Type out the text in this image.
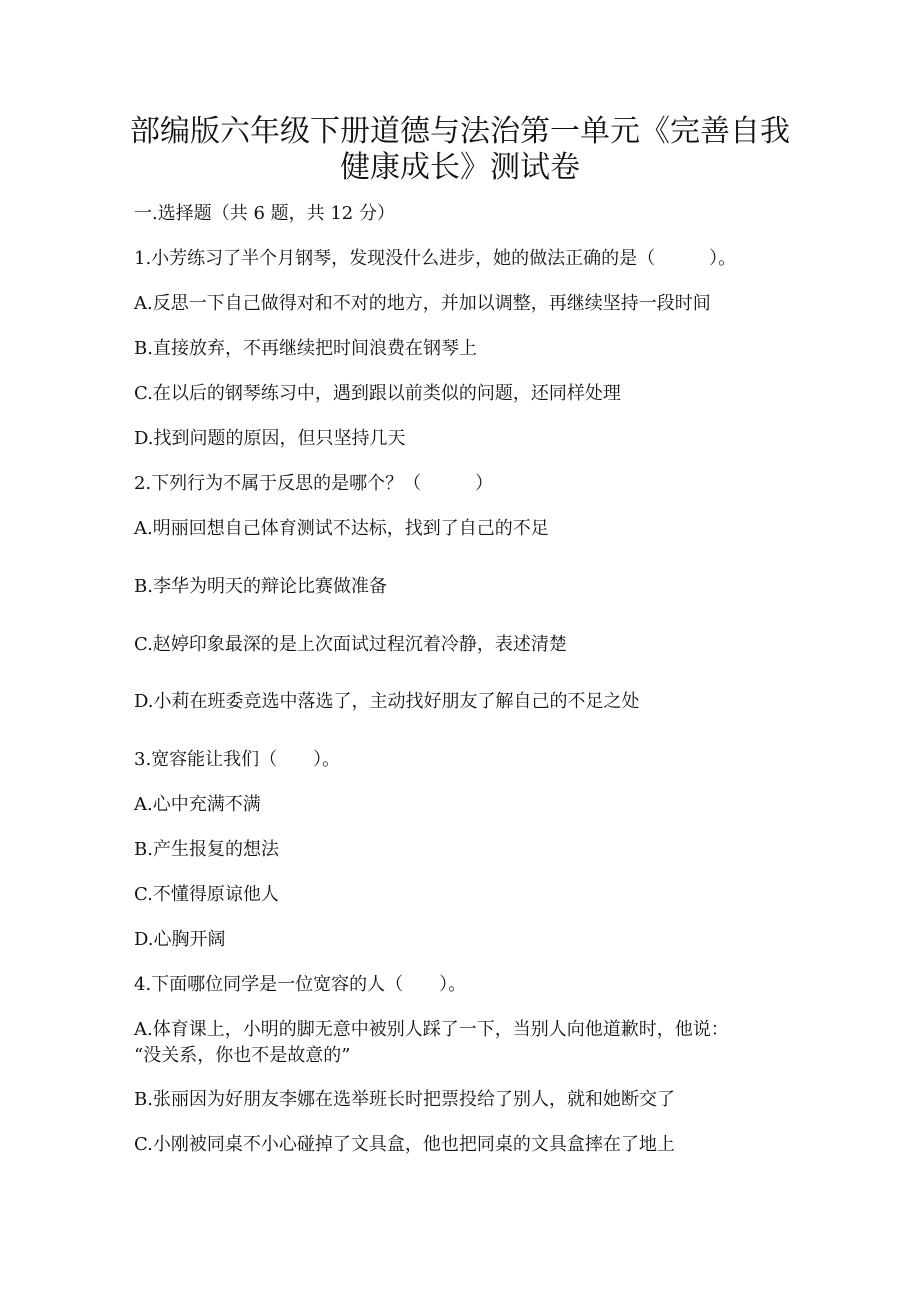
部编版六年级下册道德与法治第一单元《完善自我
健康成长》测试卷

一.选择题（共 6 题，共 12 分）

1.小芳练习了半个月钢琴，发现没什么进步，她的做法正确的是（　　　）。

A.反思一下自己做得对和不对的地方，并加以调整，再继续坚持一段时间

B.直接放弃，不再继续把时间浪费在钢琴上

C.在以后的钢琴练习中，遇到跟以前类似的问题，还同样处理

D.找到问题的原因，但只坚持几天

2.下列行为不属于反思的是哪个？（　　　）

A.明丽回想自己体育测试不达标，找到了自己的不足

B.李华为明天的辩论比赛做准备

C.赵婷印象最深的是上次面试过程沉着冷静，表述清楚

D.小莉在班委竞选中落选了，主动找好朋友了解自己的不足之处

3.宽容能让我们（　　）。

A.心中充满不满

B.产生报复的想法

C.不懂得原谅他人

D.心胸开阔

4.下面哪位同学是一位宽容的人（　　）。

A.体育课上，小明的脚无意中被别人踩了一下，当别人向他道歉时，他说：

“没关系，你也不是故意的”

B.张丽因为好朋友李娜在选举班长时把票投给了别人，就和她断交了

C.小刚被同桌不小心碰掉了文具盒，他也把同桌的文具盒摔在了地上
